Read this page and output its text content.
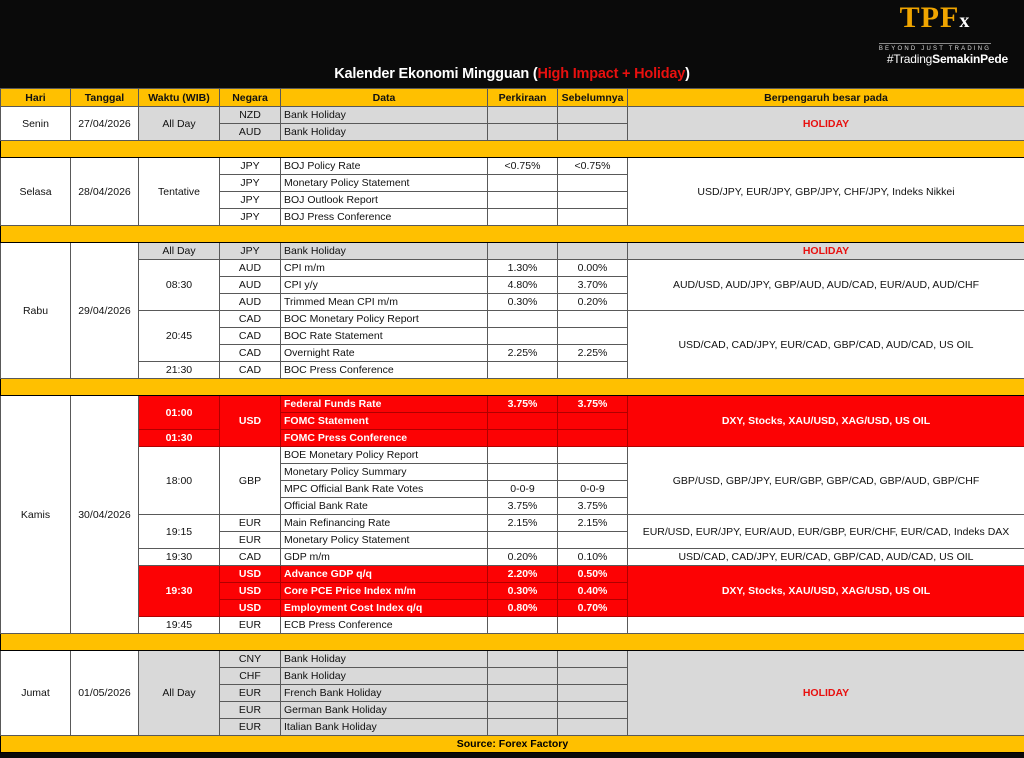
TPFx
BEYOND JUST TRADING
#TradingSemakinPede
Kalender Ekonomi Mingguan (High Impact + Holiday)
Hari	Tanggal	Waktu (WIB)	Negara	Data	Perkiraan	Sebelumnya	Berpengaruh besar pada
Senin	27/04/2026	All Day	NZD	Bank Holiday			HOLIDAY
			AUD	Bank Holiday			

Selasa	28/04/2026	Tentative	JPY	BOJ Policy Rate	<0.75%	<0.75%	USD/JPY, EUR/JPY, GBP/JPY, CHF/JPY, Indeks Nikkei
			JPY	Monetary Policy Statement			
			JPY	BOJ Outlook Report			
			JPY	BOJ Press Conference			

Rabu	29/04/2026	All Day	JPY	Bank Holiday			HOLIDAY
		08:30	AUD	CPI m/m	1.30%	0.00%	AUD/USD, AUD/JPY, GBP/AUD, AUD/CAD, EUR/AUD, AUD/CHF
			AUD	CPI y/y	4.80%	3.70%	
			AUD	Trimmed Mean CPI m/m	0.30%	0.20%	
		20:45	CAD	BOC Monetary Policy Report			USD/CAD, CAD/JPY, EUR/CAD, GBP/CAD, AUD/CAD, US OIL
			CAD	BOC Rate Statement			
			CAD	Overnight Rate	2.25%	2.25%	
		21:30	CAD	BOC Press Conference			

Kamis	30/04/2026	01:00	USD	Federal Funds Rate	3.75%	3.75%	DXY, Stocks, XAU/USD, XAG/USD, US OIL
				FOMC Statement			
		01:30		FOMC Press Conference			
		18:00	GBP	BOE Monetary Policy Report			GBP/USD, GBP/JPY, EUR/GBP, GBP/CAD, GBP/AUD, GBP/CHF
				Monetary Policy Summary			
				MPC Official Bank Rate Votes	0-0-9	0-0-9	
				Official Bank Rate	3.75%	3.75%	
		19:15	EUR	Main Refinancing Rate	2.15%	2.15%	EUR/USD, EUR/JPY, EUR/AUD, EUR/GBP, EUR/CHF, EUR/CAD, Indeks DAX
			EUR	Monetary Policy Statement			
		19:30	CAD	GDP m/m	0.20%	0.10%	USD/CAD, CAD/JPY, EUR/CAD, GBP/CAD, AUD/CAD, US OIL
		19:30	USD	Advance GDP q/q	2.20%	0.50%	DXY, Stocks, XAU/USD, XAG/USD, US OIL
			USD	Core PCE Price Index m/m	0.30%	0.40%	
			USD	Employment Cost Index q/q	0.80%	0.70%	
		19:45	EUR	ECB Press Conference			

Jumat	01/05/2026	All Day	CNY	Bank Holiday			HOLIDAY
			CHF	Bank Holiday			
			EUR	French Bank Holiday			
			EUR	German Bank Holiday			
			EUR	Italian Bank Holiday			
Source: Forex Factory							
